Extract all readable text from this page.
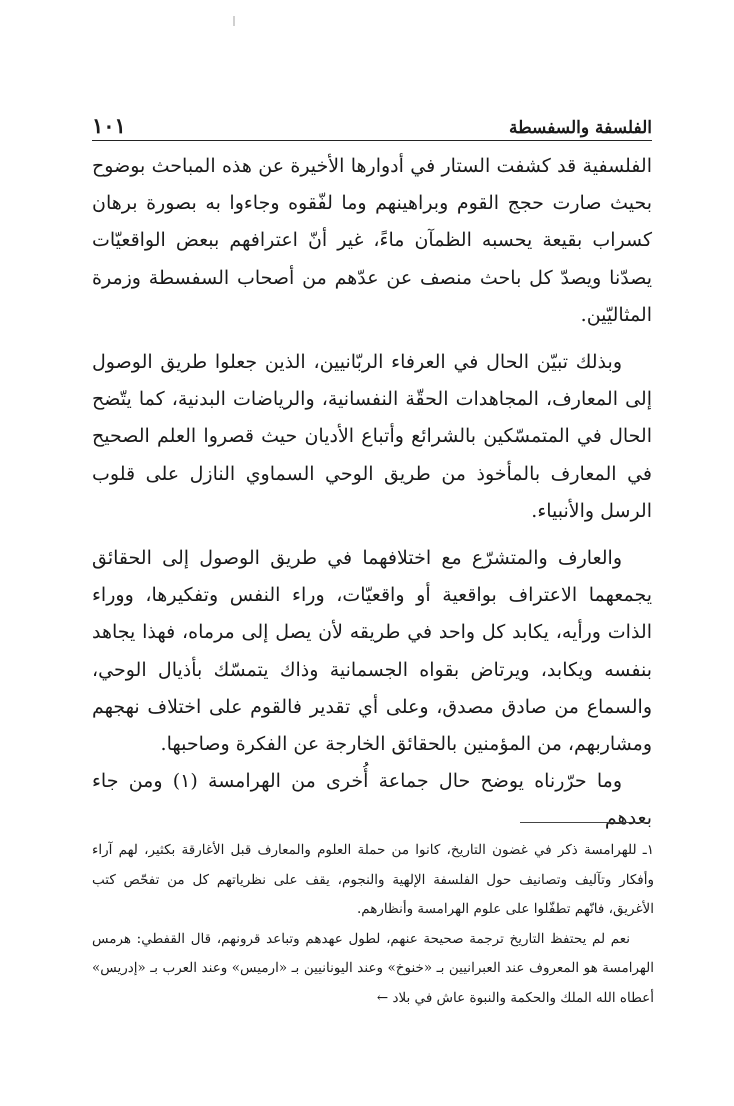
الفلسفة والسفسطة
١٠١

الفلسفية قد كشفت الستار في أدوارها الأخيرة عن هذه المباحث بوضوح بحيث صارت حجج القوم وبراهينهم وما لفّقوه وجاءوا به بصورة برهان كسراب بقيعة يحسبه الظمآن ماءً، غير أنّ اعترافهم ببعض الواقعيّات يصدّنا ويصدّ كل باحث منصف عن عدّهم من أصحاب السفسطة وزمرة المثاليّين.

وبذلك تبيّن الحال في العرفاء الربّانيين، الذين جعلوا طريق الوصول إلى المعارف، المجاهدات الحقّة النفسانية، والرياضات البدنية، كما يتّضح الحال في المتمسّكين بالشرائع وأتباع الأديان حيث قصروا العلم الصحيح في المعارف بالمأخوذ من طريق الوحي السماوي النازل على قلوب الرسل والأنبياء.

والعارف والمتشرّع مع اختلافهما في طريق الوصول إلى الحقائق يجمعهما الاعتراف بواقعية أو واقعيّات، وراء النفس وتفكيرها، ووراء الذات ورأيه، يكابد كل واحد في طريقه لأن يصل إلى مرماه، فهذا يجاهد بنفسه ويكابد، ويرتاض بقواه الجسمانية وذاك يتمسّك بأذيال الوحي، والسماع من صادق مصدق، وعلى أي تقدير فالقوم على اختلاف نهجهم ومشاربهم، من المؤمنين بالحقائق الخارجة عن الفكرة وصاحبها.

وما حرّرناه يوضح حال جماعة أُخرى من الهرامسة (١) ومن جاء بعدهم

١ـ للهرامسة ذكر في غضون التاريخ، كانوا من حملة العلوم والمعارف قبل الأغارقة بكثير، لهم آراء وأفكار وتآليف وتصانيف حول الفلسفة الإلهية والنجوم، يقف على نظرياتهم كل من تفحّص كتب الأغريق، فانّهم تطفّلوا على علوم الهرامسة وأنظارهم.

نعم لم يحتفظ التاريخ ترجمة صحيحة عنهم، لطول عهدهم وتباعد قرونهم، قال القفطي: هرمس الهرامسة هو المعروف عند العبرانيين بـ «خنوخ» وعند اليونانيين بـ «ارميس» وعند العرب بـ «إدريس» أعطاه الله الملك والحكمة والنبوة عاش في بلاد ←
